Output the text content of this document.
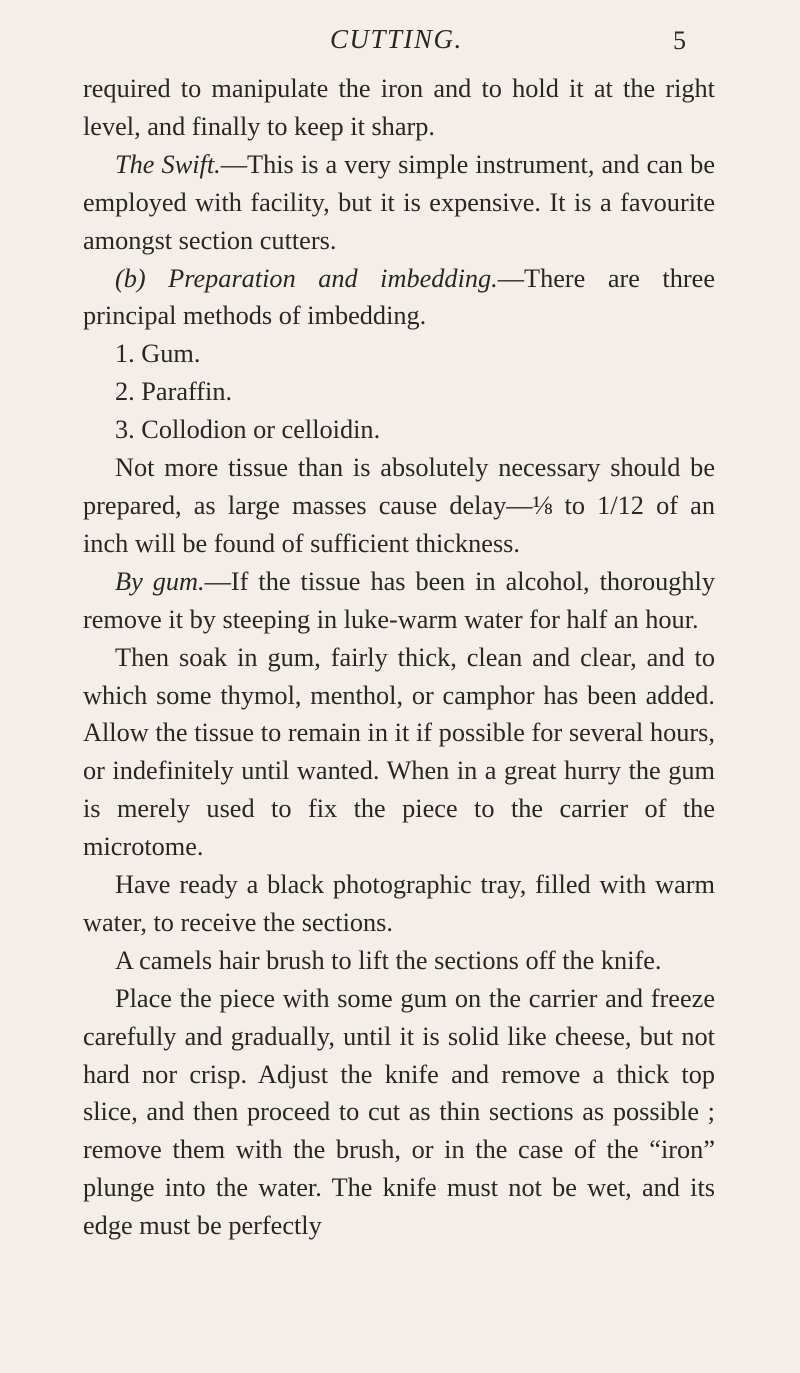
CUTTING.	5

required to manipulate the iron and to hold it at the right level, and finally to keep it sharp.

The Swift.—This is a very simple instrument, and can be employed with facility, but it is expensive. It is a favourite amongst section cutters.

(b) Preparation and imbedding.—There are three principal methods of imbedding.

1. Gum.

2. Paraffin.

3. Collodion or celloidin.

Not more tissue than is absolutely necessary should be prepared, as large masses cause delay—⅛ to 1/12 of an inch will be found of sufficient thickness.

By gum.—If the tissue has been in alcohol, thoroughly remove it by steeping in luke-warm water for half an hour.

Then soak in gum, fairly thick, clean and clear, and to which some thymol, menthol, or camphor has been added. Allow the tissue to remain in it if possible for several hours, or indefinitely until wanted. When in a great hurry the gum is merely used to fix the piece to the carrier of the microtome.

Have ready a black photographic tray, filled with warm water, to receive the sections.

A camels hair brush to lift the sections off the knife.

Place the piece with some gum on the carrier and freeze carefully and gradually, until it is solid like cheese, but not hard nor crisp. Adjust the knife and remove a thick top slice, and then proceed to cut as thin sections as possible ; remove them with the brush, or in the case of the “iron” plunge into the water. The knife must not be wet, and its edge must be perfectly
